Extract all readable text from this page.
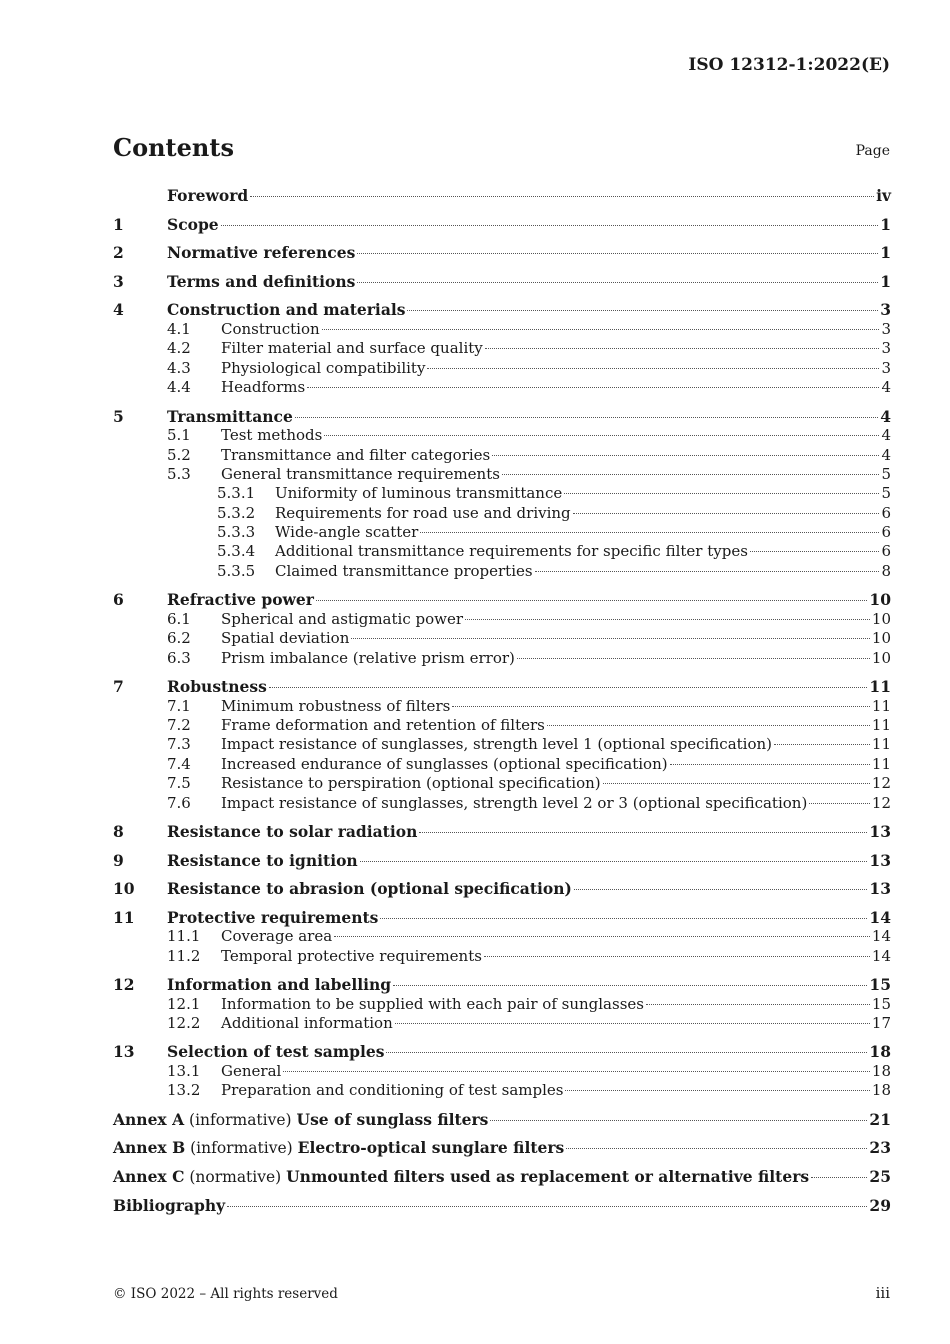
ISO 12312-1:2022(E)
Contents	Page
Foreword	iv
1	Scope	1
2	Normative references	1
3	Terms and definitions	1
4	Construction and materials	3
4.1	Construction	3
4.2	Filter material and surface quality	3
4.3	Physiological compatibility	3
4.4	Headforms	4
5	Transmittance	4
5.1	Test methods	4
5.2	Transmittance and filter categories	4
5.3	General transmittance requirements	5
5.3.1	Uniformity of luminous transmittance	5
5.3.2	Requirements for road use and driving	6
5.3.3	Wide-angle scatter	6
5.3.4	Additional transmittance requirements for specific filter types	6
5.3.5	Claimed transmittance properties	8
6	Refractive power	10
6.1	Spherical and astigmatic power	10
6.2	Spatial deviation	10
6.3	Prism imbalance (relative prism error)	10
7	Robustness	11
7.1	Minimum robustness of filters	11
7.2	Frame deformation and retention of filters	11
7.3	Impact resistance of sunglasses, strength level 1 (optional specification)	11
7.4	Increased endurance of sunglasses (optional specification)	11
7.5	Resistance to perspiration (optional specification)	12
7.6	Impact resistance of sunglasses, strength level 2 or 3 (optional specification)	12
8	Resistance to solar radiation	13
9	Resistance to ignition	13
10	Resistance to abrasion (optional specification)	13
11	Protective requirements	14
11.1	Coverage area	14
11.2	Temporal protective requirements	14
12	Information and labelling	15
12.1	Information to be supplied with each pair of sunglasses	15
12.2	Additional information	17
13	Selection of test samples	18
13.1	General	18
13.2	Preparation and conditioning of test samples	18
Annex A (informative) Use of sunglass filters	21
Annex B (informative) Electro-optical sunglare filters	23
Annex C (normative) Unmounted filters used as replacement or alternative filters	25
Bibliography	29
© ISO 2022 – All rights reserved	iii
